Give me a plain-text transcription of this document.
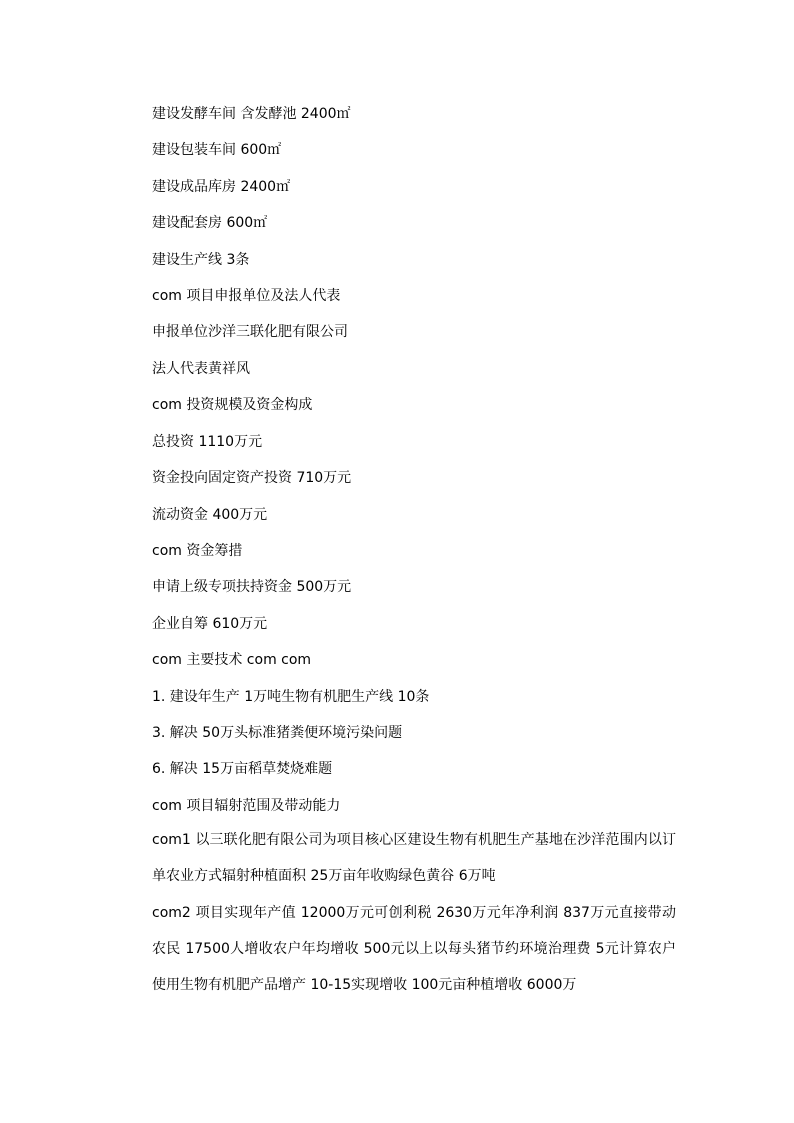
建设发酵车间 含发酵池 2400㎡
建设包装车间 600㎡
建设成品库房 2400㎡
建设配套房 600㎡
建设生产线 3条
com 项目申报单位及法人代表
申报单位沙洋三联化肥有限公司
法人代表黄祥风
com 投资规模及资金构成
总投资 1110万元
资金投向固定资产投资 710万元
流动资金 400万元
com 资金筹措
申请上级专项扶持资金 500万元
企业自筹 610万元
com 主要技术 com com
1. 建设年生产 1万吨生物有机肥生产线 10条
3. 解决 50万头标准猪粪便环境污染问题
6. 解决 15万亩稻草焚烧难题
com 项目辐射范围及带动能力
com1 以三联化肥有限公司为项目核心区建设生物有机肥生产基地在沙洋范围内以订单农业方式辐射种植面积 25万亩年收购绿色黄谷 6万吨
com2 项目实现年产值 12000万元可创利税 2630万元年净利润 837万元直接带动农民 17500人增收农户年均增收 500元以上以每头猪节约环境治理费 5元计算农户使用生物有机肥产品增产 10-15实现增收 100元亩种植增收 6000万
